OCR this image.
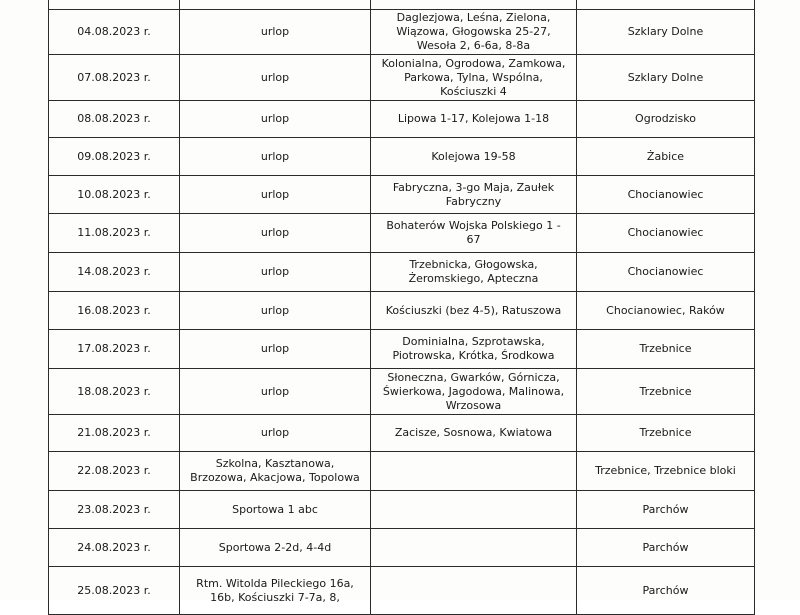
04.08.2023 r.	urlop	Daglezjowa, Leśna, Zielona, Wiązowa, Głogowska 25-27, Wesoła 2, 6-6a, 8-8a	Szklary Dolne
07.08.2023 r.	urlop	Kolonialna, Ogrodowa, Zamkowa, Parkowa, Tylna, Wspólna, Kościuszki 4	Szklary Dolne
08.08.2023 r.	urlop	Lipowa 1-17, Kolejowa 1-18	Ogrodzisko
09.08.2023 r.	urlop	Kolejowa 19-58	Żabice
10.08.2023 r.	urlop	Fabryczna, 3-go Maja, Zaułek Fabryczny	Chocianowiec
11.08.2023 r.	urlop	Bohaterów Wojska Polskiego 1 - 67	Chocianowiec
14.08.2023 r.	urlop	Trzebnicka, Głogowska, Żeromskiego, Apteczna	Chocianowiec
16.08.2023 r.	urlop	Kościuszki (bez 4-5), Ratuszowa	Chocianowiec, Raków
17.08.2023 r.	urlop	Dominialna, Szprotawska, Piotrowska, Krótka, Środkowa	Trzebnice
18.08.2023 r.	urlop	Słoneczna, Gwarków, Górnicza, Świerkowa, Jagodowa, Malinowa, Wrzosowa	Trzebnice
21.08.2023 r.	urlop	Zacisze, Sosnowa, Kwiatowa	Trzebnice
22.08.2023 r.	Szkolna, Kasztanowa, Brzozowa, Akacjowa, Topolowa		Trzebnice, Trzebnice bloki
23.08.2023 r.	Sportowa 1 abc		Parchów
24.08.2023 r.	Sportowa 2-2d, 4-4d		Parchów
25.08.2023 r.	Rtm. Witolda Pileckiego 16a, 16b, Kościuszki 7-7a, 8,		Parchów
